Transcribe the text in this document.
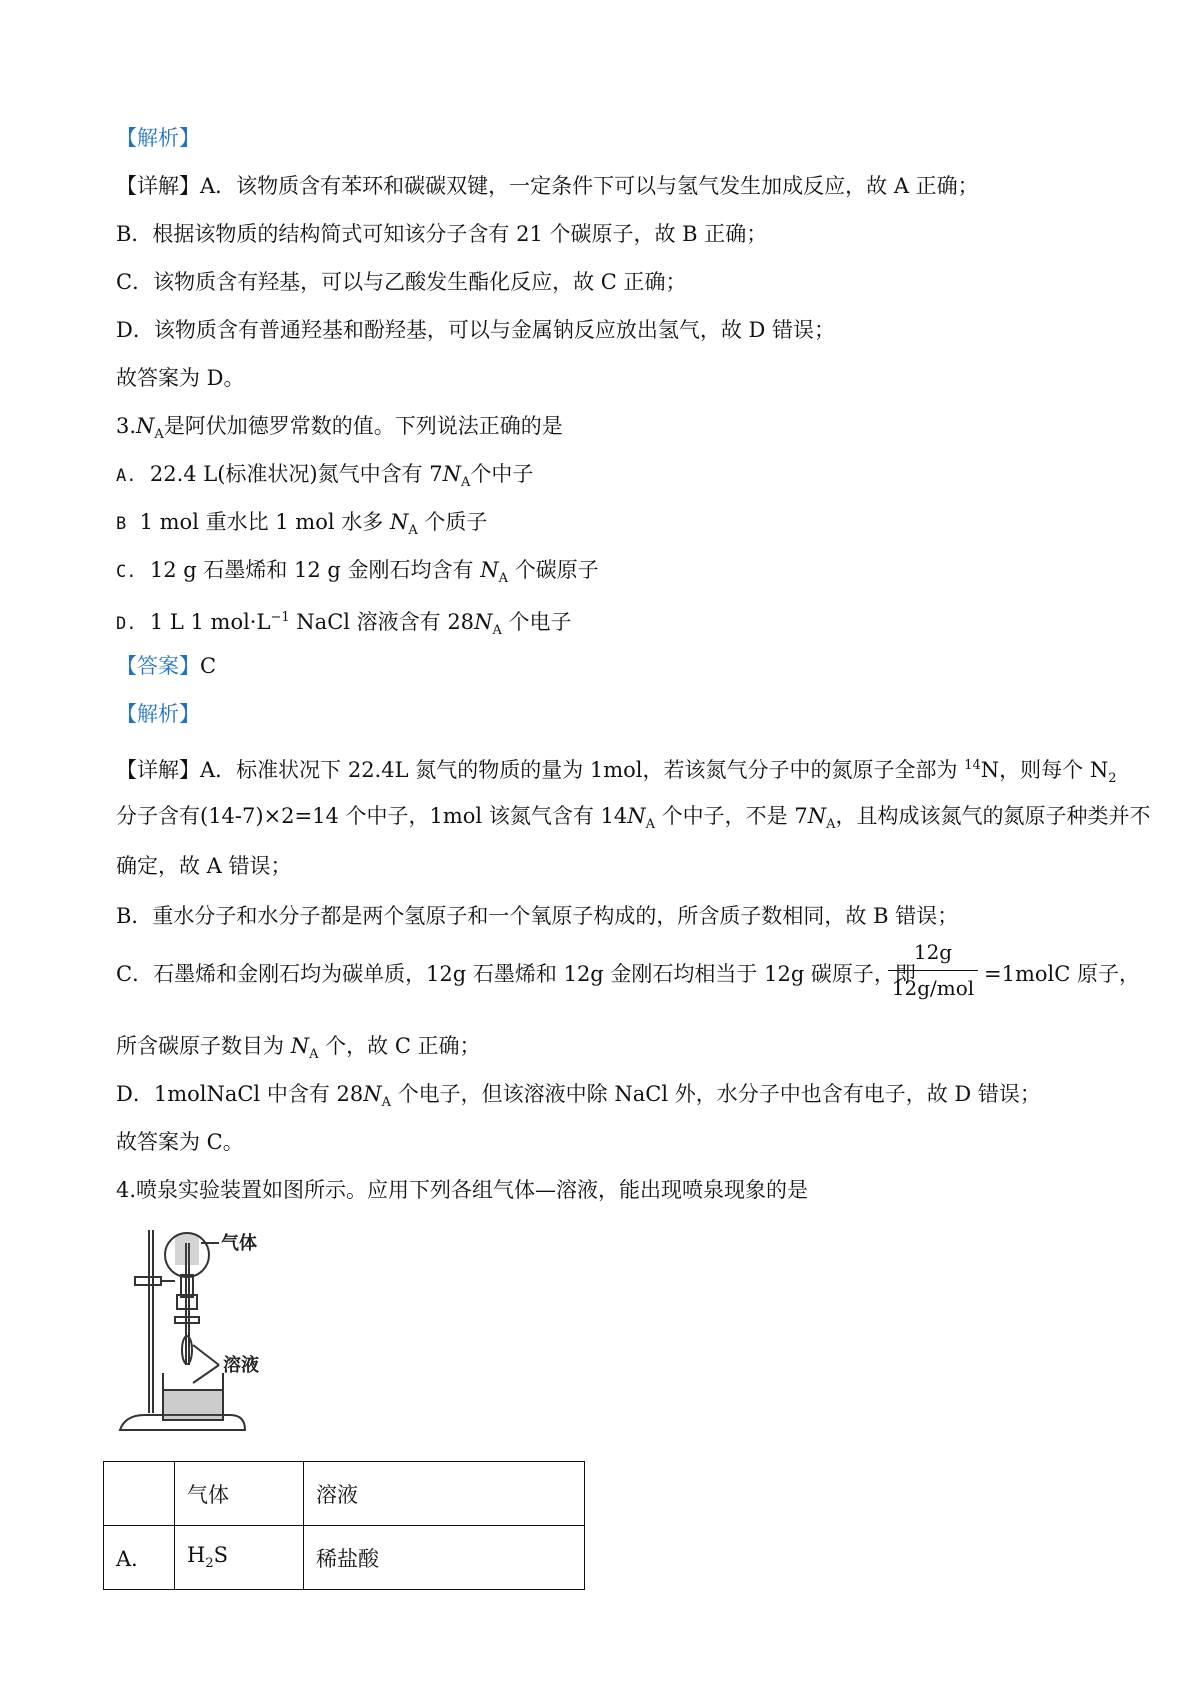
【解析】
【详解】A．该物质含有苯环和碳碳双键，一定条件下可以与氢气发生加成反应，故 A 正确；
B．根据该物质的结构简式可知该分子含有 21 个碳原子，故 B 正确；
C．该物质含有羟基，可以与乙酸发生酯化反应，故 C 正确；
D．该物质含有普通羟基和酚羟基，可以与金属钠反应放出氢气，故 D 错误；
故答案为 D。
$3.N_A$是阿伏加德罗常数的值。下列说法正确的是
A. 22.4 L(标准状况)氮气中含有 $7N_A$个中子
B 1 mol 重水比 1 mol 水多 $N_A$ 个质子
C. 12 g 石墨烯和 12 g 金刚石均含有 $N_A$ 个碳原子
D. 1 L 1 $mol\cdot L^{-1}$ NaCl 溶液含有 $28N_A$ 个电子
【答案】C
【解析】
【详解】A．标准状况下 22.4L 氮气的物质的量为 1mol，若该氮气分子中的氮原子全部为 $^{14}$N，则每个 $N_2$
分子含有(14-7)×2=14 个中子，1mol 该氮气含有 $14N_A$ 个中子，不是 $7N_A$，且构成该氮气的氮原子种类并不
确定，故 A 错误；
B．重水分子和水分子都是两个氢原子和一个氧原子构成的，所含质子数相同，故 B 错误；
C．石墨烯和金刚石均为碳单质，12g 石墨烯和 12g 金刚石均相当于 12g 碳原子，即
12g
12g/mol
=1molC 原子，
所含碳原子数目为 $N_A$ 个，故 C 正确；
D．1molNaCl 中含有 $28N_A$ 个电子，但该溶液中除 NaCl 外，水分子中也含有电子，故 D 错误；
故答案为 C。
4.喷泉实验装置如图所示。应用下列各组气体—溶液，能出现喷泉现象的是
气体
溶液
	气体	溶液
A．	$H_2S$	稀盐酸
